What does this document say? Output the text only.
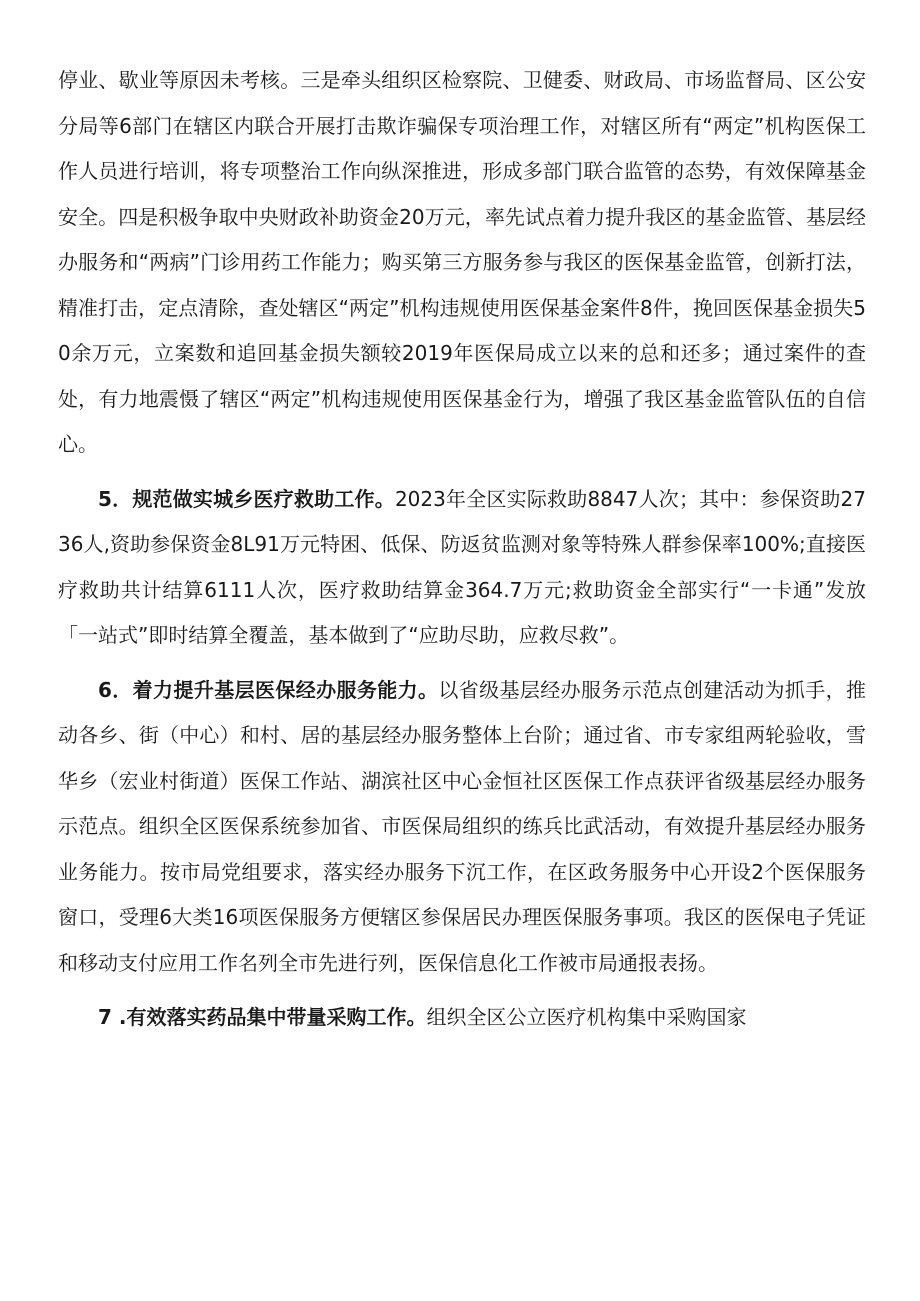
停业、歇业等原因未考核。三是牵头组织区检察院、卫健委、财政局、市场监督局、区公安分局等6部门在辖区内联合开展打击欺诈骗保专项治理工作，对辖区所有“两定”机构医保工作人员进行培训，将专项整治工作向纵深推进，形成多部门联合监管的态势，有效保障基金安全。四是积极争取中央财政补助资金20万元，率先试点着力提升我区的基金监管、基层经办服务和“两病”门诊用药工作能力；购买第三方服务参与我区的医保基金监管，创新打法，精准打击，定点清除，查处辖区“两定”机构违规使用医保基金案件8件，挽回医保基金损失50余万元，立案数和追回基金损失额较2019年医保局成立以来的总和还多；通过案件的查处，有力地震慑了辖区“两定”机构违规使用医保基金行为，增强了我区基金监管队伍的自信心。

5．规范做实城乡医疗救助工作。2023年全区实际救助8847人次；其中：参保资助2736人,资助参保资金8L91万元特困、低保、防返贫监测对象等特殊人群参保率100%;直接医疗救助共计结算6111人次，医疗救助结算金364.7万元;救助资金全部实行“一卡通”发放「一站式”即时结算全覆盖，基本做到了“应助尽助，应救尽救”。

6．着力提升基层医保经办服务能力。以省级基层经办服务示范点创建活动为抓手，推动各乡、街（中心）和村、居的基层经办服务整体上台阶；通过省、市专家组两轮验收，雪华乡（宏业村街道）医保工作站、湖滨社区中心金恒社区医保工作点获评省级基层经办服务示范点。组织全区医保系统参加省、市医保局组织的练兵比武活动，有效提升基层经办服务业务能力。按市局党组要求，落实经办服务下沉工作，在区政务服务中心开设2个医保服务窗口，受理6大类16项医保服务方便辖区参保居民办理医保服务事项。我区的医保电子凭证和移动支付应用工作名列全市先进行列，医保信息化工作被市局通报表扬。

7 .有效落实药品集中带量采购工作。组织全区公立医疗机构集中采购国家
